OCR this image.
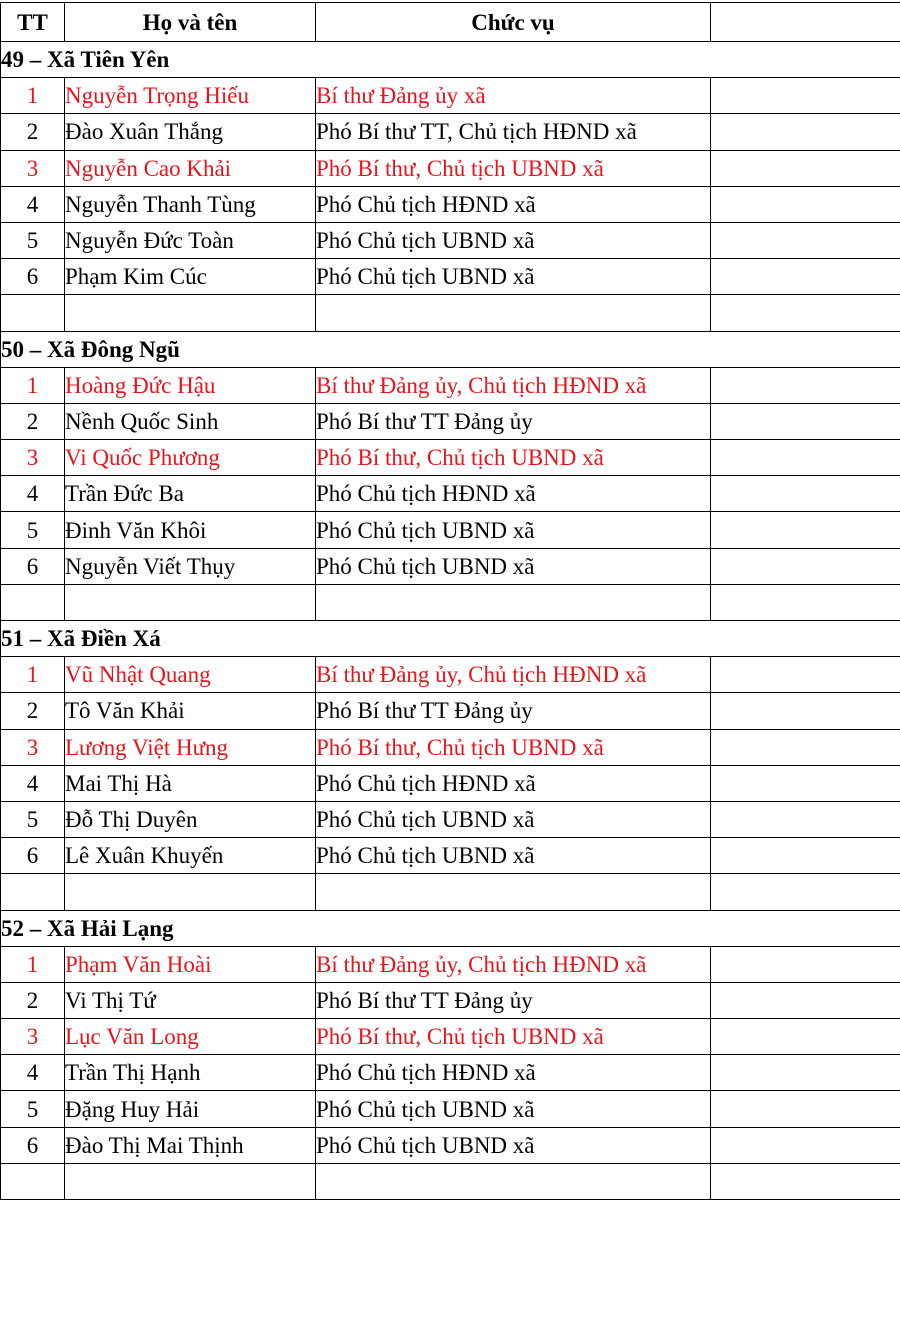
TT	Họ và tên	Chức vụ	
49 – Xã Tiên Yên			
1	Nguyễn Trọng Hiếu	Bí thư Đảng ủy xã	
2	Đào Xuân Thắng	Phó Bí thư TT, Chủ tịch HĐND xã	
3	Nguyễn Cao Khải	Phó Bí thư, Chủ tịch UBND xã	
4	Nguyễn Thanh Tùng	Phó Chủ tịch HĐND xã	
5	Nguyễn Đức Toàn	Phó Chủ tịch UBND xã	
6	Phạm Kim Cúc	Phó Chủ tịch UBND xã	

50 – Xã Đông Ngũ			
1	Hoàng Đức Hậu	Bí thư Đảng ủy, Chủ tịch HĐND xã	
2	Nềnh Quốc Sinh	Phó Bí thư TT Đảng ủy	
3	Vi Quốc Phương	Phó Bí thư, Chủ tịch UBND xã	
4	Trần Đức Ba	Phó Chủ tịch HĐND xã	
5	Đinh Văn Khôi	Phó Chủ tịch UBND xã	
6	Nguyễn Viết Thụy	Phó Chủ tịch UBND xã	

51 – Xã Điền Xá			
1	Vũ Nhật Quang	Bí thư Đảng ủy, Chủ tịch HĐND xã	
2	Tô Văn Khải	Phó Bí thư TT Đảng ủy	
3	Lương Việt Hưng	Phó Bí thư, Chủ tịch UBND xã	
4	Mai Thị Hà	Phó Chủ tịch HĐND xã	
5	Đỗ Thị Duyên	Phó Chủ tịch UBND xã	
6	Lê Xuân Khuyến	Phó Chủ tịch UBND xã	

52 – Xã Hải Lạng			
1	Phạm Văn Hoài	Bí thư Đảng ủy, Chủ tịch HĐND xã	
2	Vi Thị Tứ	Phó Bí thư TT Đảng ủy	
3	Lục Văn Long	Phó Bí thư, Chủ tịch UBND xã	
4	Trần Thị Hạnh	Phó Chủ tịch HĐND xã	
5	Đặng Huy Hải	Phó Chủ tịch UBND xã	
6	Đào Thị Mai Thịnh	Phó Chủ tịch UBND xã	
